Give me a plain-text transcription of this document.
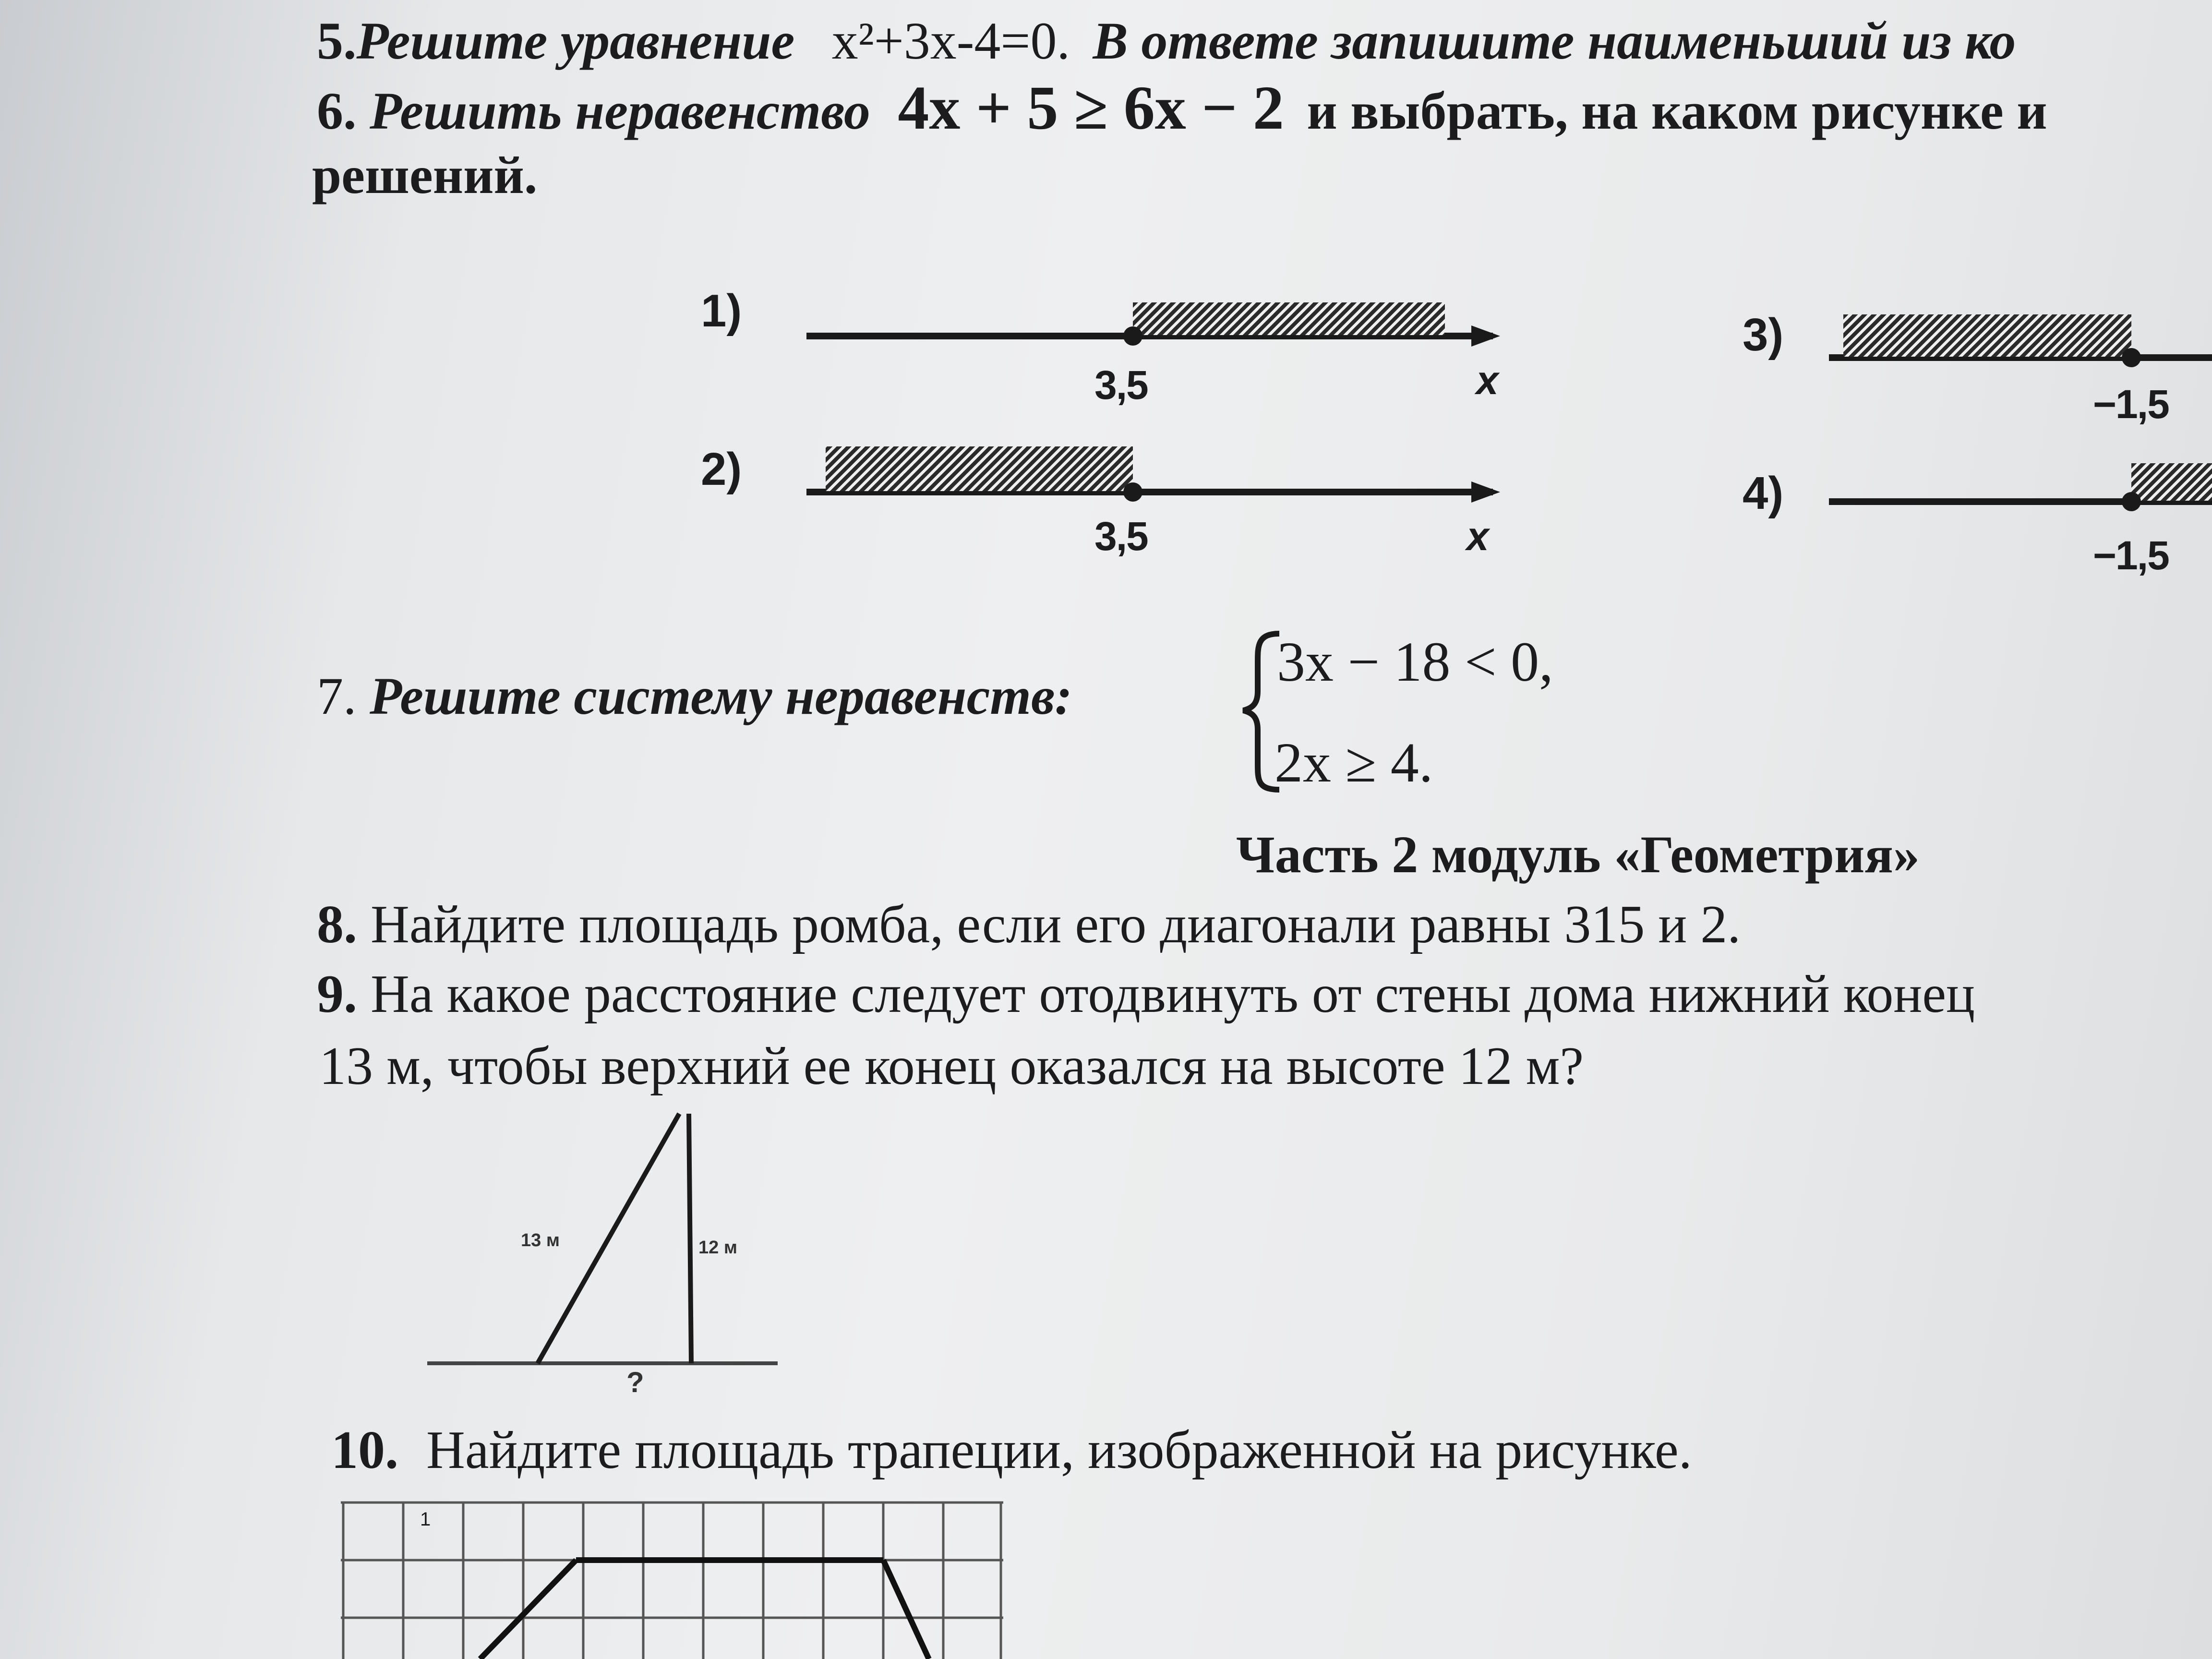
5.Решите уравнение x²+3x-4=0. В ответе запишите наименьший из ко
6. Решить неравенство 4x + 5 ≥ 6x − 2 и выбрать, на каком рисунке и
решений.
1)
3,5	x
2)
3,5	x
3)
−1,5
4)
−1,5
7. Решите систему неравенств:
3x − 18 < 0,
2x ≥ 4.
Часть 2 модуль «Геометрия»
8. Найдите площадь ромба, если его диагонали равны 315 и 2.
9. На какое расстояние следует отодвинуть от стены дома нижний конец
13 м, чтобы верхний ее конец оказался на высоте 12 м?
13 м	12 м
?
10. Найдите площадь трапеции, изображенной на рисунке.
1
